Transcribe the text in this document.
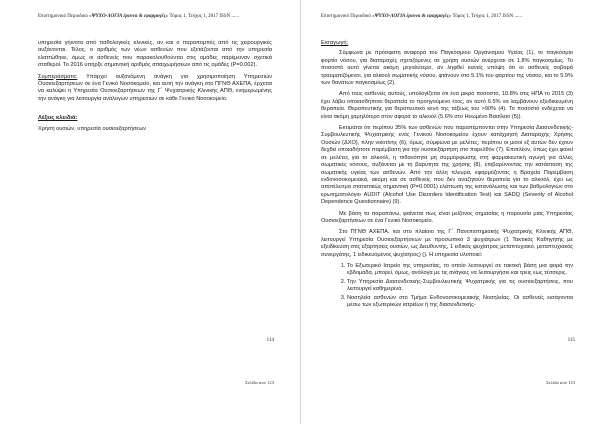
Επιστημονικό Περιοδικό «ΨΥΧΟ-ΛΟΓΙΑ έρευνα & εφαρμογές» Τόμος 1, Τεύχος 1, 2017 ISSN ......

υπηρεσία γήινοτα από παθολογικές κλινικές, αν και ο παραπομπές από τις χειρουργικές αυξάνονται. Τέλος, ο αριθμός των νέων ασθενών που εξετάζονται από την υπηρεσία ελαττώθηκε, όμως οι ασθενείς που παρακολουθούνται στις ομάδες παρέμειναν σχετικά σταθεροί. Το 2016 υπήρξε σημαντική αριθμός απαιχωρήσεων από τις ομάδες (P=0.002).

Συμπεράσματα: Υπάρχει αυξανόμενη ανάγκη για χρησιμοποίηση Υπηρεσιών Ουσιοεξαρτήσεων σε ένα Γενικό Νοσοκομείο, και αυτή την ανάγκη στο ΠΓΝΘ ΑΧΕΠΑ, έρχεται να καλύψει η Υπηρεσία Ουσιοεξαρτήσεων της Γ΄ Ψυχιατρικής Κλινικής ΑΠΘ, ενημερωμένης την ανάγκη για λειτουργία ανάλογων υπηρεσιών σε κάθε Γενικό Νοσοκομείο.

Λέξεις κλειδιά:

Χρήση ουσιών, υπηρεσία ουσιοεξαρτήσεων

114
Σελίδα από 123
Επιστημονικό Περιοδικό «ΨΥΧΟ-ΛΟΓΙΑ έρευνα & εφαρμογές» Τόμος 1, Τεύχος 1, 2017 ISSN ......
Εισαγωγή:

Σύμφωνα με πρόσφατη αναφορά του Παγκόσμιου Οργανισμού Υγείας (1), το παγκόσμιο φορτίο νόσου, για διαταραχές σχετιζόμενες σε χρήση ουσιών ανέρχεται σε 1.8% παγκοσμίως. Το ποσοστό αυτό γίνεται ακόμη μεγαλύτερο, αν ληφθεί κανείς υπόψη ότι οι ασθενείς σοβαρά τραυματιζόμενοι, για αλκοολ σωματικής νόσου, φτάνουν στο 5.1% του φορτίου της νόσου, και το 5.9% των θανάτων παγκοσμίως (2).

Από τους ασθενείς αυτούς, υπολογίζεται ότι ένα μικρό ποσοστό, 10.8% στις ΗΠΑ το 2015 (3) έχει λάβει οποιασδήποτε θεραπεία το προηγούμενο έτος, αν αυτό 6.5% να λαμβάνουν εξειδικευμένη θεραπεία. Θεραπευτικής για θεραπευτικό κενό της τάξεως του >90% (4). Το ποσοστό ενδέχεται να είναι ακόμη χαμηλότερο στον αφορά το αλκοόλ (5.6% στο Ηνωμένο Βασίλειο (5)).

Εκτιμάται ότι περίπου 35% των ασθενών που παραπέμπονται στην Υπηρεσία Διασυνδετικής-Συμβουλευτικής Ψυχιατρικής ενός Γενικού Νοσοκομείου έχουν κατάχρησή Διαταραχής Χρήσης Ουσιών (ΔΧΟ), πλην νικοτίνης (6), όμως, σύμφωνα με μελέτες, περίπου οι μισοί εξ αυτών δεν έχουν δεχθεί οποιαδήποτε παρέμβαση για την ουσιοεξάρτηση στο παρελθόν (7). Επιπλέον, όπως έχει φανεί σε μελέτες για το αλκοόλ, η πιθανότητα μη συμμόρφωσης στη φαρμακευτική αγωγή για άλλες σωματικές νόσους, αυξάνεται με τη βαρύτητα της χρήσης (8), επιβαρύνοντας την κατάσταση της σωματικής υγείας των ασθενών. Από την άλλη πλευρά, εφαρμόζοντας η Βραχεία Παρέμβαση ενδονοσοκομειακά, ακόμη και σε ασθενείς που δεν αναζητούν θεραπεία για το αλκοόλ, έχει ως αποτέλεσμα στατιστικώς σημαντική (P=0.0001) ελάττωση της κατανάλωσης και των βαθμολογιών στο ερωτηματολόγιο AUDIT (Alcohol Use Disorders Identification Test) και SADQ (Severity of Alcohol Dependence Questionnaire) (9).

Με βάση τα παραπάνω, φαίνεται πως είναι μείζονος σημασίας η παρουσία μιας Υπηρεσίας Ουσιοεξαρτήσεων σε ένα Γενικό Νοσοκομείο.

Στο ΠΓΝΘ ΑΧΕΠΑ, και στο πλαίσιο της Γ΄ Πανεπιστημιακής Ψυχιατρικής Κλινικής ΑΠΘ, λειτουργεί Υπηρεσία Ουσιοεξαρτήσεων με προσωπικό 3 ψυχιάτρων (1 Τακτικός Καθηγητής με εξειδίκευση στις εξαρτήσεις ουσιών, ως Διευθυντής, 1 ειδικός ψυχίατρος μεταπτυχιακό, μεταπτυχιακός συνεργάτης, 1 ειδικευόμενος ψυχίατρος) (). Η υπηρεσία υλοποιεί:

1. Το Εξωτερικό Ιατρείο της υπηρεσίας, το οποίο λειτουργεί σε τακτική βάση μια φορά την εβδομάδα, μπορεί, όμως, ανάλογα με τις ανάγκες να λειτουργήσει και τρεις εως τέσσερις.
2. Την Υπηρεσία Διασυνδετικής-Συμβουλευτικής Ψυχιατρικής για τις ουσιοεξαρτήσεις, που λειτουργεί καθημερινά.
3. Νοσηλεία ασθενών στο Τμήμα Ενδονοσοκομειακής Νοσηλείας. Οι ασθενείς εισάγονται μέσω των εξωτερικών ιατρείων ή της διασυνδετικής-
115
Σελίδα από 123
